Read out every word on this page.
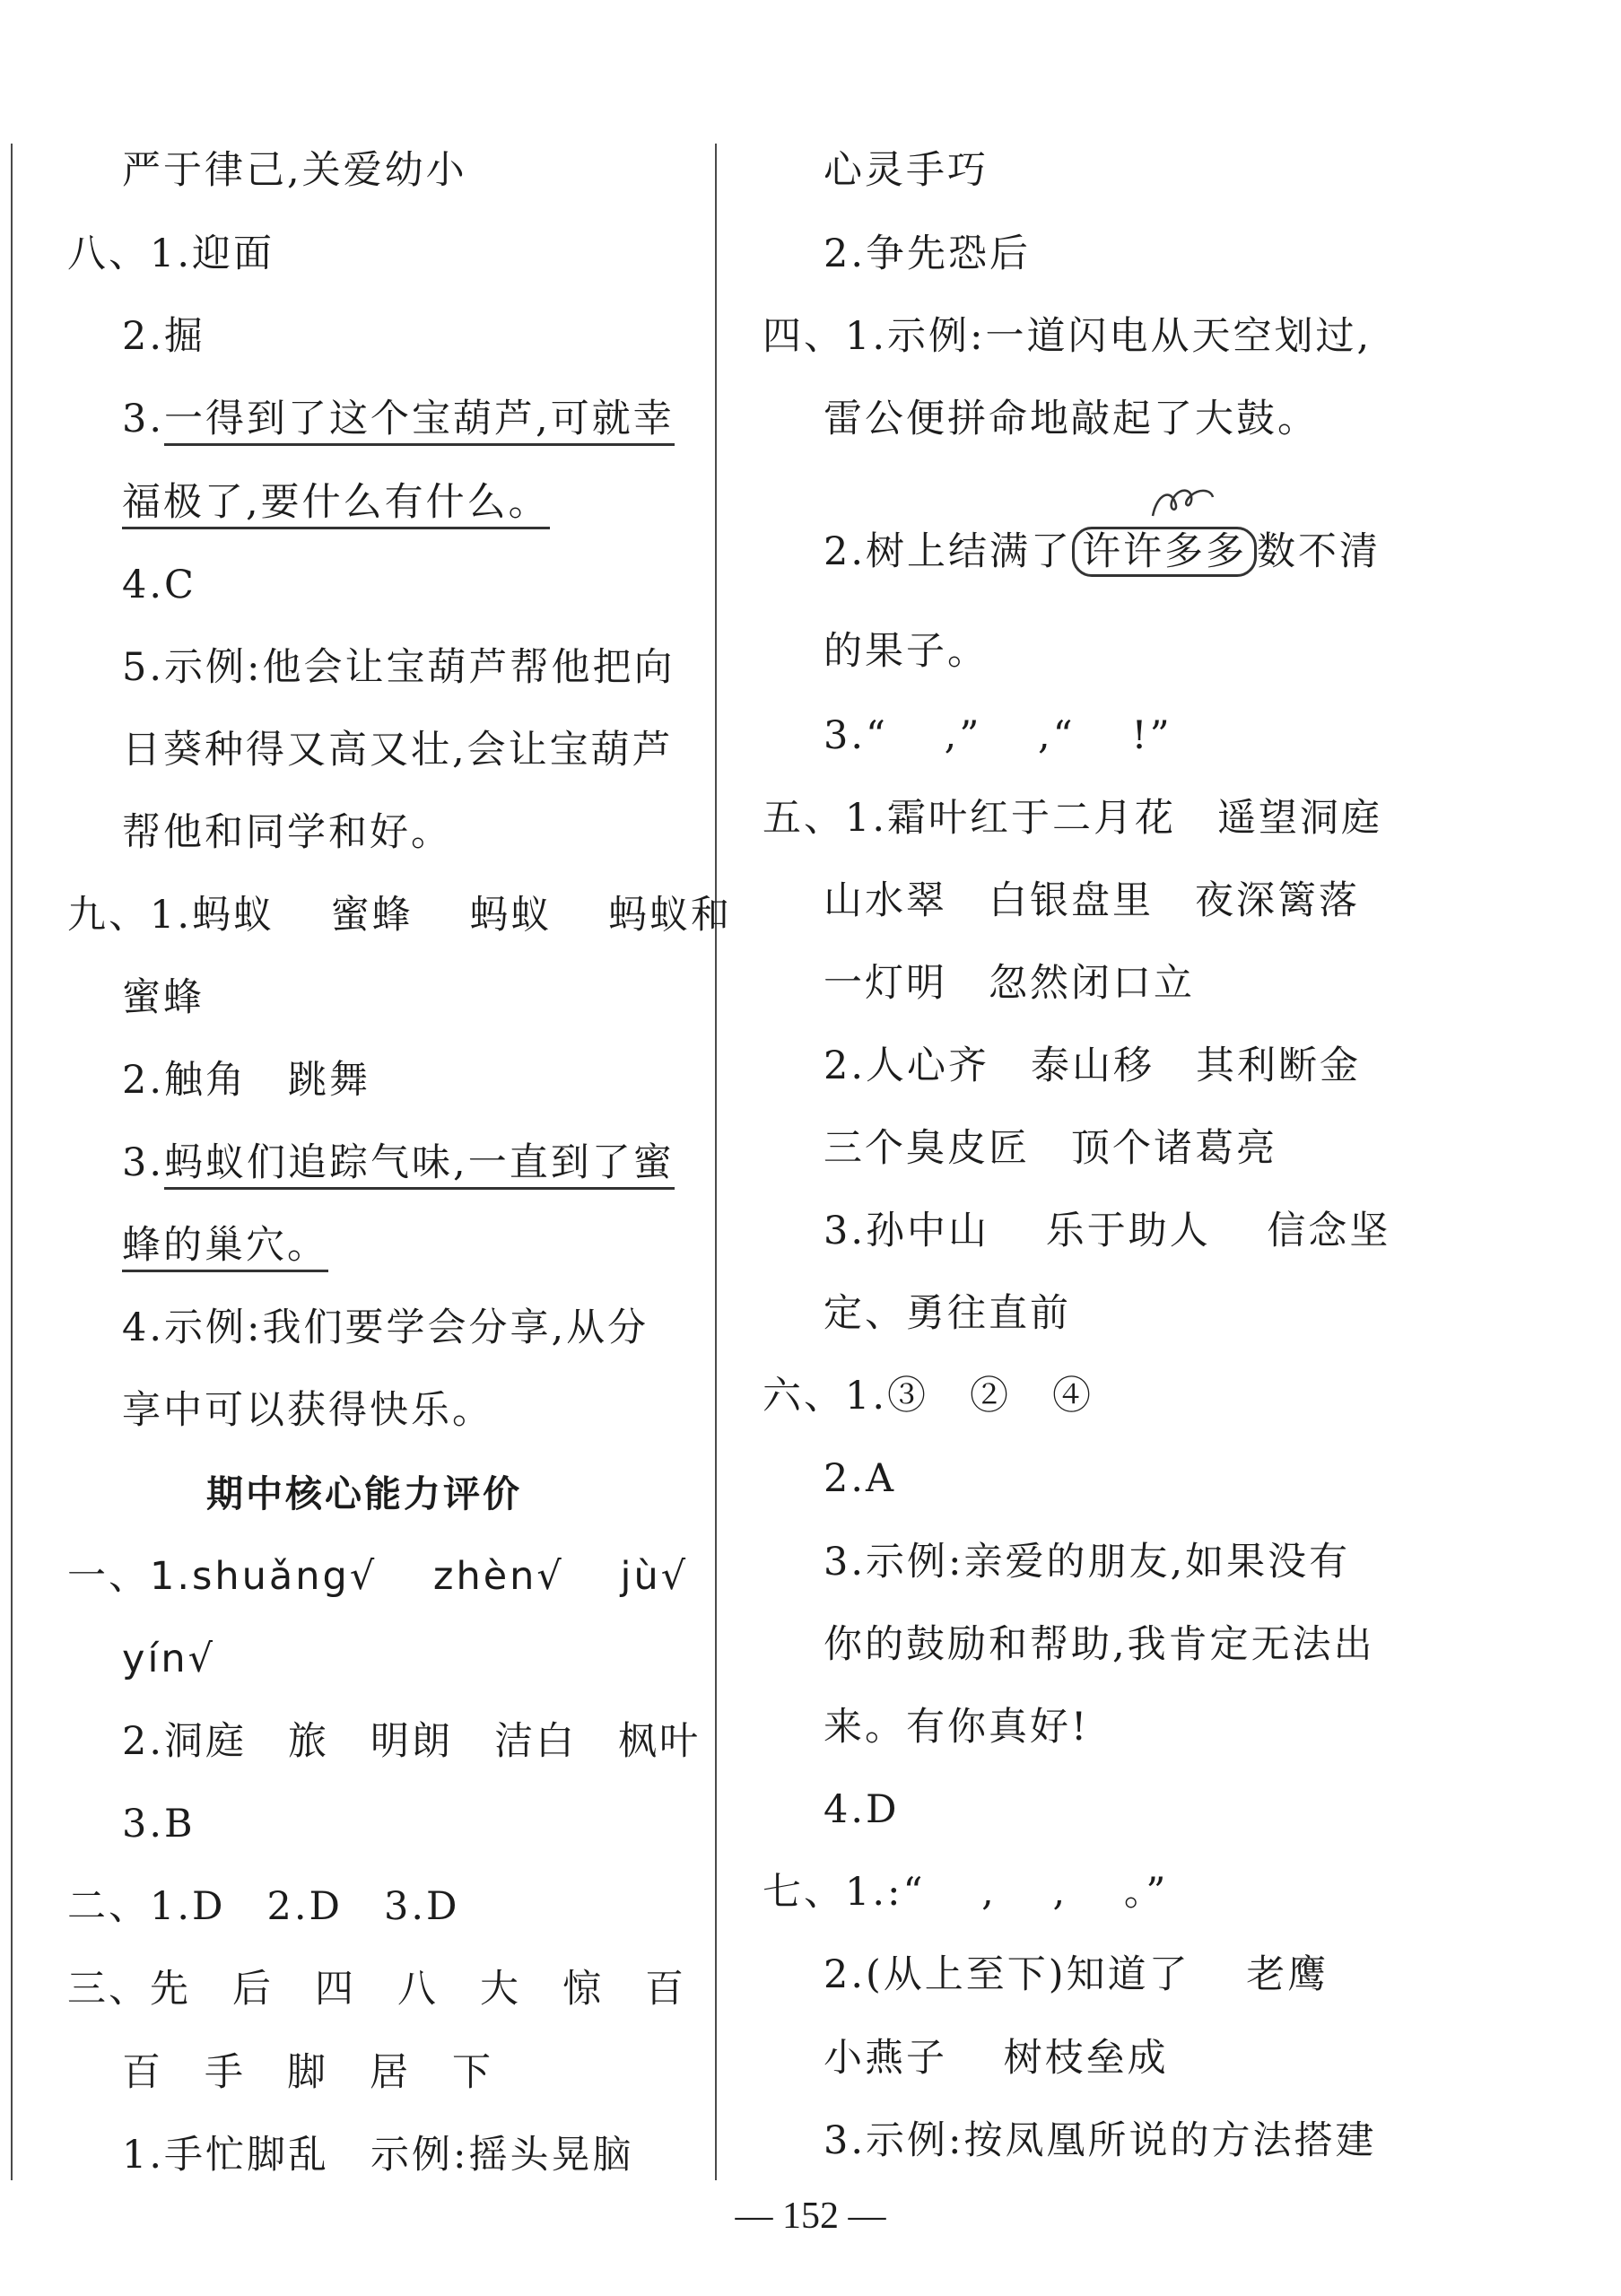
严于律己,关爱幼小
八、1.迎面
2.掘
3.一得到了这个宝葫芦,可就幸
福极了,要什么有什么。
4.C
5.示例:他会让宝葫芦帮他把向
日葵种得又高又壮,会让宝葫芦
帮他和同学和好。
九、1.蚂蚁　 蜜蜂　 蚂蚁　 蚂蚁和
蜜蜂
2.触角　跳舞
3.蚂蚁们追踪气味,一直到了蜜
蜂的巢穴。
4.示例:我们要学会分享,从分
享中可以获得快乐。
期中核心能力评价
一、1.shuǎng√　 zhèn√　 jù√
yín√
2.洞庭　旅　明朗　洁白　枫叶
3.B
二、1.D　2.D　3.D
三、先　后　四　八　大　惊　百
百　手　脚　居　下
1.手忙脚乱　示例:摇头晃脑
心灵手巧
2.争先恐后
四、1.示例:一道闪电从天空划过,
雷公便拼命地敲起了大鼓。
2.树上结满了 许许多多 数不清
的果子。
3.“　 ,”　 ,“　 !”
五、1.霜叶红于二月花　遥望洞庭
山水翠　白银盘里　夜深篱落
一灯明　忽然闭口立
2.人心齐　泰山移　其利断金
三个臭皮匠　顶个诸葛亮
3.孙中山　 乐于助人　 信念坚
定、勇往直前
六、1.③　②　④
2.A
3.示例:亲爱的朋友,如果没有
你的鼓励和帮助,我肯定无法出
来。有你真好!
4.D
七、1.:“　 ,　 ,　 。”
2.(从上至下)知道了　 老鹰
小燕子　 树枝垒成
3.示例:按凤凰所说的方法搭建
— 152 —
